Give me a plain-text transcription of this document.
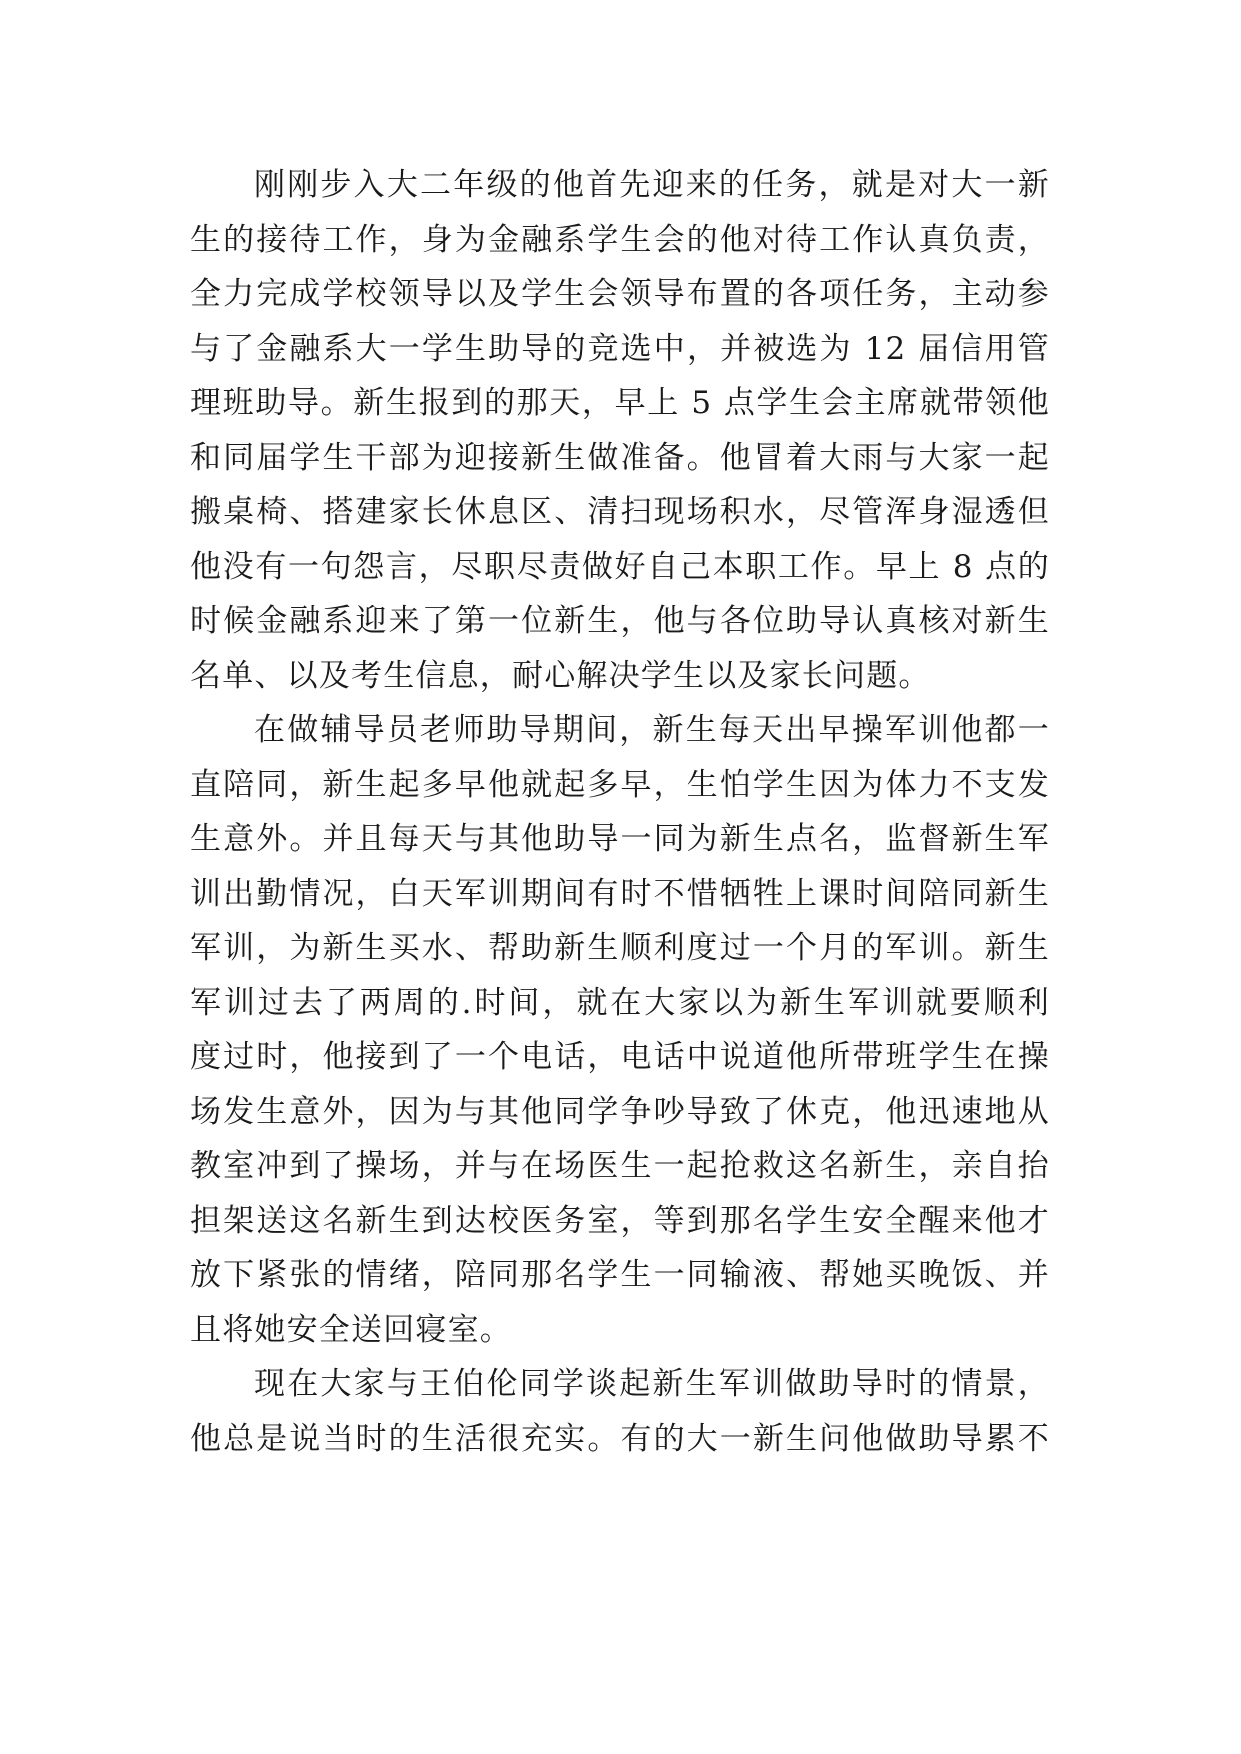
刚刚步入大二年级的他首先迎来的任务，就是对大一新
生的接待工作，身为金融系学生会的他对待工作认真负责，
全力完成学校领导以及学生会领导布置的各项任务，主动参
与了金融系大一学生助导的竞选中，并被选为 12 届信用管
理班助导。新生报到的那天，早上 5 点学生会主席就带领他
和同届学生干部为迎接新生做准备。他冒着大雨与大家一起
搬桌椅、搭建家长休息区、清扫现场积水，尽管浑身湿透但
他没有一句怨言，尽职尽责做好自己本职工作。早上 8 点的
时候金融系迎来了第一位新生，他与各位助导认真核对新生
名单、以及考生信息，耐心解决学生以及家长问题。
在做辅导员老师助导期间，新生每天出早操军训他都一
直陪同，新生起多早他就起多早，生怕学生因为体力不支发
生意外。并且每天与其他助导一同为新生点名，监督新生军
训出勤情况，白天军训期间有时不惜牺牲上课时间陪同新生
军训，为新生买水、帮助新生顺利度过一个月的军训。新生
军训过去了两周的.时间，就在大家以为新生军训就要顺利
度过时，他接到了一个电话，电话中说道他所带班学生在操
场发生意外，因为与其他同学争吵导致了休克，他迅速地从
教室冲到了操场，并与在场医生一起抢救这名新生，亲自抬
担架送这名新生到达校医务室，等到那名学生安全醒来他才
放下紧张的情绪，陪同那名学生一同输液、帮她买晚饭、并
且将她安全送回寝室。
现在大家与王伯伦同学谈起新生军训做助导时的情景，
他总是说当时的生活很充实。有的大一新生问他做助导累不
